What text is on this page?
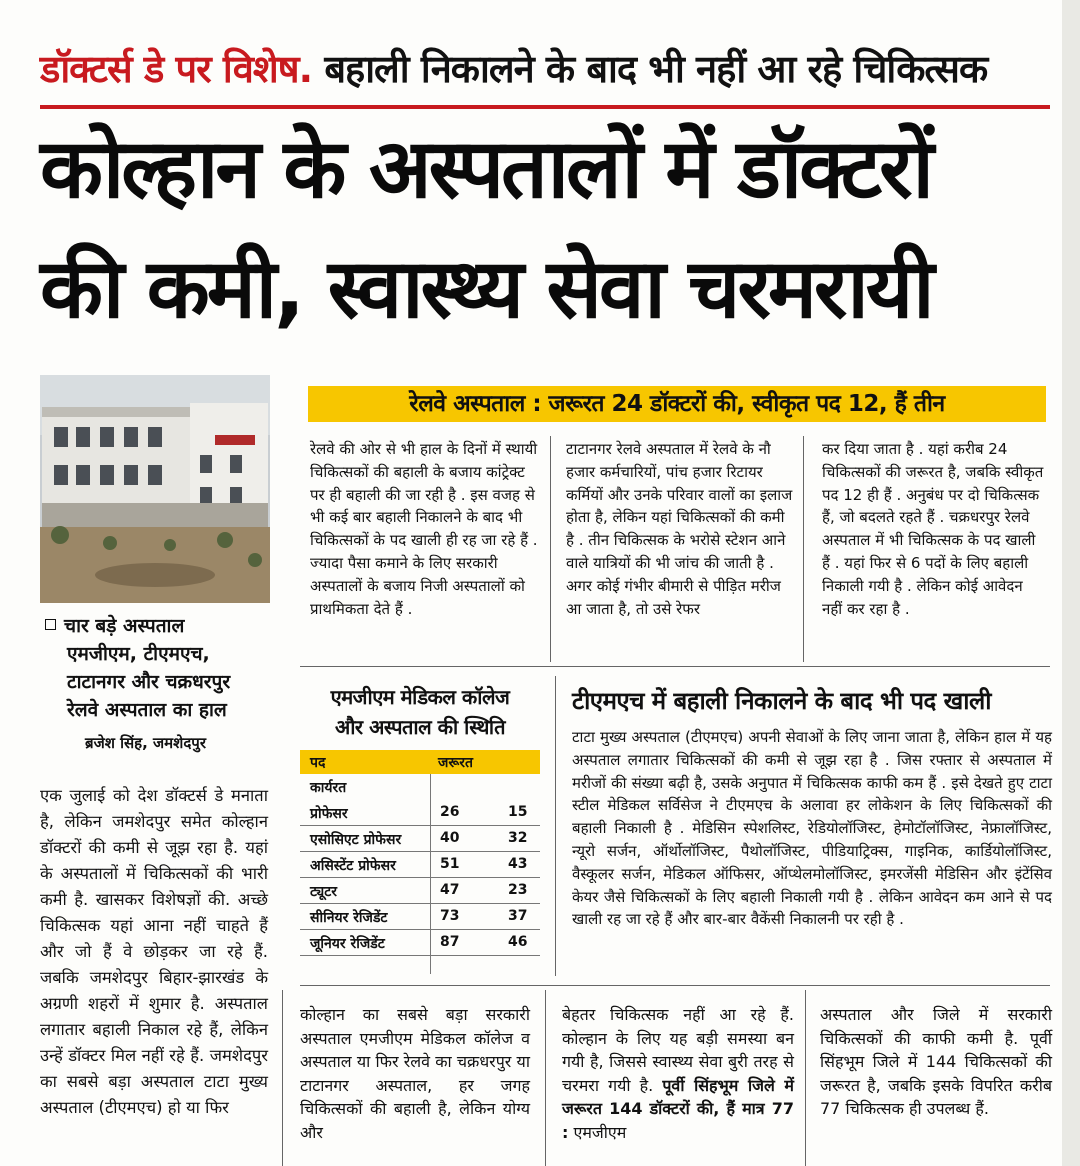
डॉक्टर्स डे पर विशेष. बहाली निकालने के बाद भी नहीं आ रहे चिकित्सक
कोल्हान के अस्पतालों में डॉक्टरों
की कमी, स्वास्थ्य सेवा चरमरायी
चार बड़े अस्पताल
एमजीएम, टीएमएच,
टाटानगर और चक्रधरपुर
रेलवे अस्पताल का हाल
ब्रजेश सिंह, जमशेदपुर
एक जुलाई को देश डॉक्टर्स डे मनाता है, लेकिन जमशेदपुर समेत कोल्हान डॉक्टरों की कमी से जूझ रहा है. यहां के अस्पतालों में चिकित्सकों की भारी कमी है. खासकर विशेषज्ञों की. अच्छे चिकित्सक यहां आना नहीं चाहते हैं और जो हैं वे छोड़कर जा रहे हैं. जबकि जमशेदपुर बिहार-झारखंड के अग्रणी शहरों में शुमार है. अस्पताल लगातार बहाली निकाल रहे हैं, लेकिन उन्हें डॉक्टर मिल नहीं रहे हैं. जमशेदपुर का सबसे बड़ा अस्पताल टाटा मुख्य अस्पताल (टीएमएच) हो या फिर
रेलवे अस्पताल : जरूरत 24 डॉक्टरों की, स्वीकृत पद 12, हैं तीन
रेलवे की ओर से भी हाल के दिनों में स्थायी चिकित्सकों की बहाली के बजाय कांट्रेक्ट पर ही बहाली की जा रही है . इस वजह से भी कई बार बहाली निकालने के बाद भी चिकित्सकों के पद खाली ही रह जा रहे हैं . ज्यादा पैसा कमाने के लिए सरकारी अस्पतालों के बजाय निजी अस्पतालों को प्राथमिकता देते हैं .
टाटानगर रेलवे अस्पताल में रेलवे के नौ हजार कर्मचारियों, पांच हजार रिटायर कर्मियों और उनके परिवार वालों का इलाज होता है, लेकिन यहां चिकित्सकों की कमी है . तीन चिकित्सक के भरोसे स्टेशन आने वाले यात्रियों की भी जांच की जाती है . अगर कोई गंभीर बीमारी से पीड़ित मरीज आ जाता है, तो उसे रेफर
कर दिया जाता है . यहां करीब 24 चिकित्सकों की जरूरत है, जबकि स्वीकृत पद 12 ही हैं . अनुबंध पर दो चिकित्सक हैं, जो बदलते रहते हैं . चक्रधरपुर रेलवे अस्पताल में भी चिकित्सक के पद खाली हैं . यहां फिर से 6 पदों के लिए बहाली निकाली गयी है . लेकिन कोई आवेदन नहीं कर रहा है .
एमजीएम मेडिकल कॉलेज
और अस्पताल की स्थिति
पद	जरूरत
कार्यरत
प्रोफेसर	26	15
एसोसिएट प्रोफेसर	40	32
असिस्टेंट प्रोफेसर	51	43
ट्यूटर	47	23
सीनियर रेजिडेंट	73	37
जूनियर रेजिडेंट	87	46
टीएमएच में बहाली निकालने के बाद भी पद खाली
टाटा मुख्य अस्पताल (टीएमएच) अपनी सेवाओं के लिए जाना जाता है, लेकिन हाल में यह अस्पताल लगातार चिकित्सकों की कमी से जूझ रहा है . जिस रफ्तार से अस्पताल में मरीजों की संख्या बढ़ी है, उसके अनुपात में चिकित्सक काफी कम हैं . इसे देखते हुए टाटा स्टील मेडिकल सर्विसेज ने टीएमएच के अलावा हर लोकेशन के लिए चिकित्सकों की बहाली निकाली है . मेडिसिन स्पेशलिस्ट, रेडियोलॉजिस्ट, हेमोटॉलॉजिस्ट, नेफ्रालॉजिस्ट, न्यूरो सर्जन, ऑर्थोलॉजिस्ट, पैथोलॉजिस्ट, पीडियाट्रिक्स, गाइनिक, कार्डियोलॉजिस्ट, वैस्कूलर सर्जन, मेडिकल ऑफिसर, ऑप्थेलमोलॉजिस्ट, इमरजेंसी मेडिसिन और इंटेंसिव केयर जैसे चिकित्सकों के लिए बहाली निकाली गयी है . लेकिन आवेदन कम आने से पद खाली रह जा रहे हैं और बार-बार वैकेंसी निकालनी पर रही है .
कोल्हान का सबसे बड़ा सरकारी अस्पताल एमजीएम मेडिकल कॉलेज व अस्पताल या फिर रेलवे का चक्रधरपुर या टाटानगर अस्पताल, हर जगह चिकित्सकों की बहाली है, लेकिन योग्य और
बेहतर चिकित्सक नहीं आ रहे हैं. कोल्हान के लिए यह बड़ी समस्या बन गयी है, जिससे स्वास्थ्य सेवा बुरी तरह से चरमरा गयी है. पूर्वी सिंहभूम जिले में जरूरत 144 डॉक्टरों की, हैं मात्र 77 : एमजीएम
अस्पताल और जिले में सरकारी चिकित्सकों की काफी कमी है. पूर्वी सिंहभूम जिले में 144 चिकित्सकों की जरूरत है, जबकि इसके विपरित करीब 77 चिकित्सक ही उपलब्ध हैं.
